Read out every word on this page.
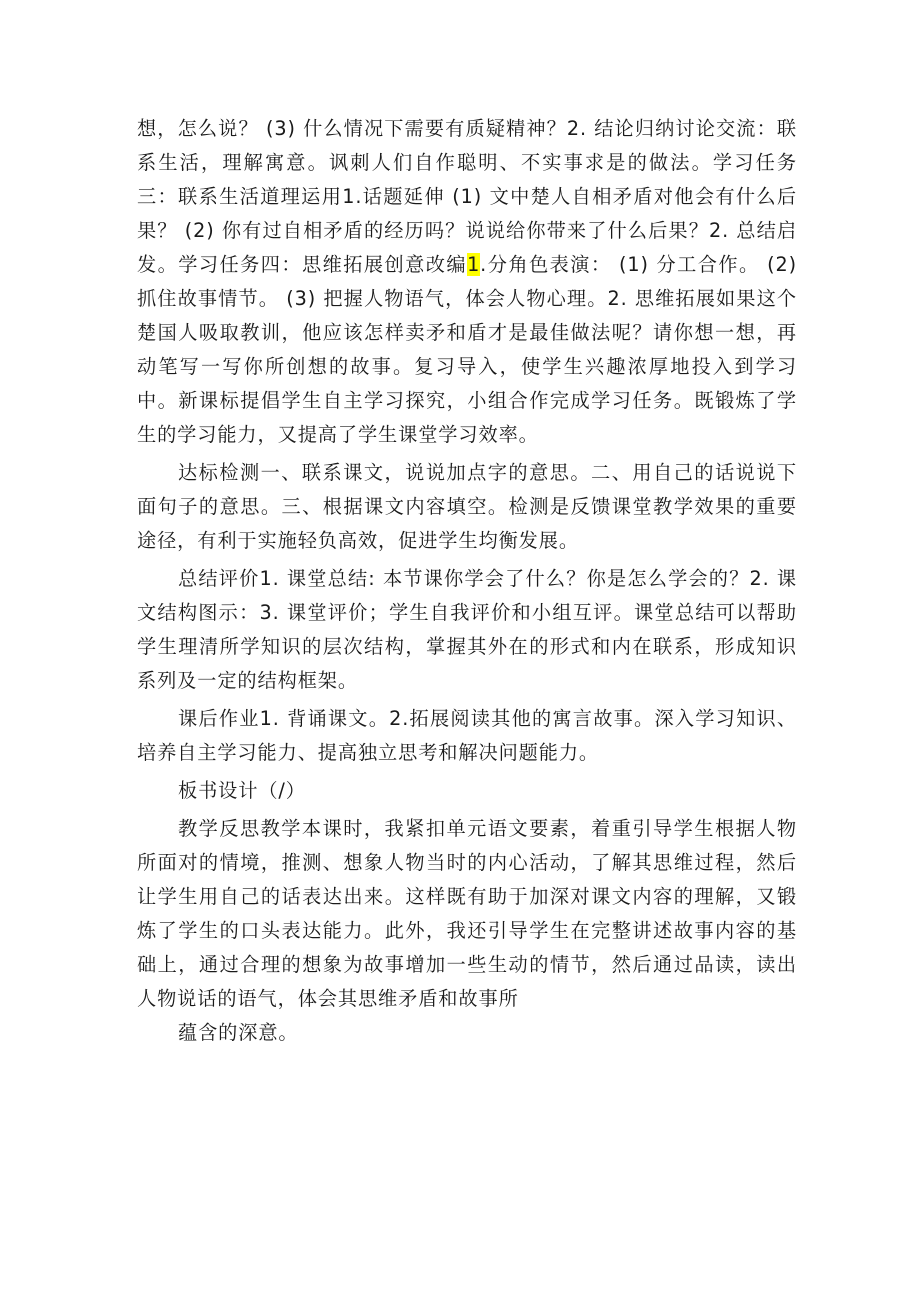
想，怎么说？ (3) 什么情况下需要有质疑精神？2. 结论归纳讨论交流：联系生活，理解寓意。讽刺人们自作聪明、不实事求是的做法。学习任务三：联系生活道理运用1.话题延伸 (1) 文中楚人自相矛盾对他会有什么后果？ (2) 你有过自相矛盾的经历吗？说说给你带来了什么后果？2. 总结启发。学习任务四：思维拓展创意改编1.分角色表演： (1) 分工合作。 (2) 抓住故事情节。 (3) 把握人物语气，体会人物心理。2. 思维拓展如果这个楚国人吸取教训，他应该怎样卖矛和盾才是最佳做法呢？请你想一想，再动笔写一写你所创想的故事。复习导入，使学生兴趣浓厚地投入到学习中。新课标提倡学生自主学习探究，小组合作完成学习任务。既锻炼了学生的学习能力，又提高了学生课堂学习效率。

达标检测一、联系课文，说说加点字的意思。二、用自己的话说说下面句子的意思。三、根据课文内容填空。检测是反馈课堂教学效果的重要途径，有利于实施轻负高效，促进学生均衡发展。

总结评价1. 课堂总结: 本节课你学会了什么？你是怎么学会的？2. 课文结构图示：3. 课堂评价；学生自我评价和小组互评。课堂总结可以帮助学生理清所学知识的层次结构，掌握其外在的形式和内在联系，形成知识系列及一定的结构框架。

课后作业1. 背诵课文。2.拓展阅读其他的寓言故事。深入学习知识、培养自主学习能力、提高独立思考和解决问题能力。

板书设计（/）

教学反思教学本课时，我紧扣单元语文要素，着重引导学生根据人物所面对的情境，推测、想象人物当时的内心活动，了解其思维过程，然后让学生用自己的话表达出来。这样既有助于加深对课文内容的理解，又锻炼了学生的口头表达能力。此外，我还引导学生在完整讲述故事内容的基础上，通过合理的想象为故事增加一些生动的情节，然后通过品读，读出人物说话的语气，体会其思维矛盾和故事所
蕴含的深意。
